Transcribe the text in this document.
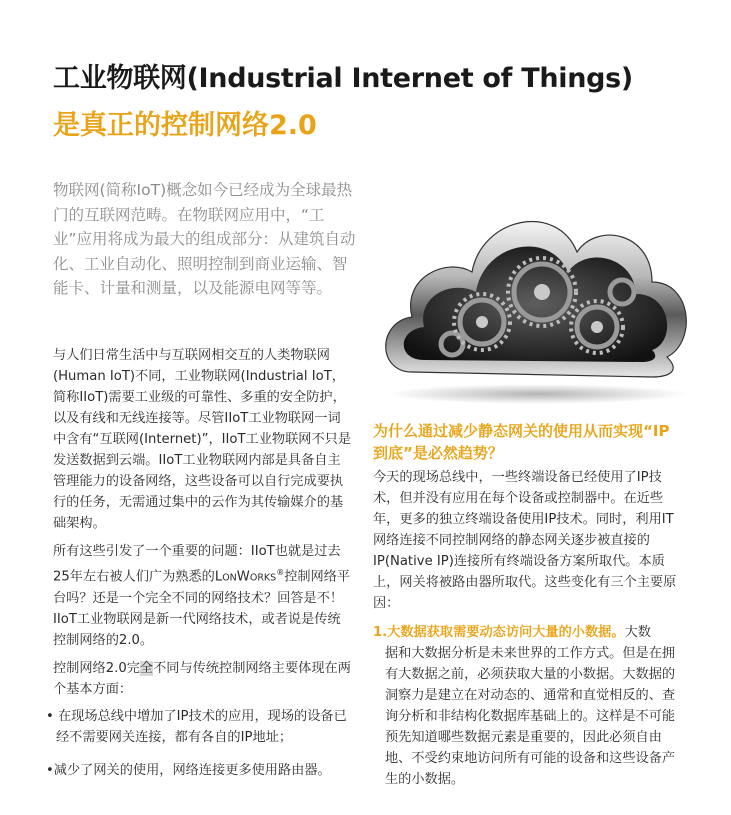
工业物联网(Industrial Internet of Things)
是真正的控制网络2.0

物联网(简称IoT)概念如今已经成为全球最热门的互联网范畴。在物联网应用中，“工业”应用将成为最大的组成部分：从建筑自动化、工业自动化、照明控制到商业运输、智能卡、计量和测量，以及能源电网等等。

与人们日常生活中与互联网相交互的人类物联网(Human IoT)不同，工业物联网(Industrial IoT，简称IIoT)需要工业级的可靠性、多重的安全防护，以及有线和无线连接等。尽管IIoT工业物联网一词中含有“互联网(Internet)”，IIoT工业物联网不只是发送数据到云端。IIoT工业物联网内部是具备自主管理能力的设备网络，这些设备可以自行完成要执行的任务，无需通过集中的云作为其传输媒介的基础架构。

所有这些引发了一个重要的问题：IIoT也就是过去25年左右被人们广为熟悉的LONWORKS®控制网络平台吗？还是一个完全不同的网络技术？回答是不！IIoT工业物联网是新一代网络技术，或者说是传统控制网络的2.0。

控制网络2.0完全不同与传统控制网络主要体现在两个基本方面：

• 在现场总线中增加了IP技术的应用，现场的设备已经不需要网关连接，都有各自的IP地址；
•减少了网关的使用，网络连接更多使用路由器。

为什么通过减少静态网关的使用从而实现“IP到底”是必然趋势？

今天的现场总线中，一些终端设备已经使用了IP技术，但并没有应用在每个设备或控制器中。在近些年，更多的独立终端设备使用IP技术。同时，利用IT网络连接不同控制网络的静态网关逐步被直接的IP(Native IP)连接所有终端设备方案所取代。本质上，网关将被路由器所取代。这些变化有三个主要原因：

1.大数据获取需要动态访问大量的小数据。大数
据和大数据分析是未来世界的工作方式。但是在拥有大数据之前，必须获取大量的小数据。大数据的洞察力是建立在对动态的、通常和直觉相反的、查询分析和非结构化数据库基础上的。这样是不可能预先知道哪些数据元素是重要的，因此必须自由地、不受约束地访问所有可能的设备和这些设备产生的小数据。
